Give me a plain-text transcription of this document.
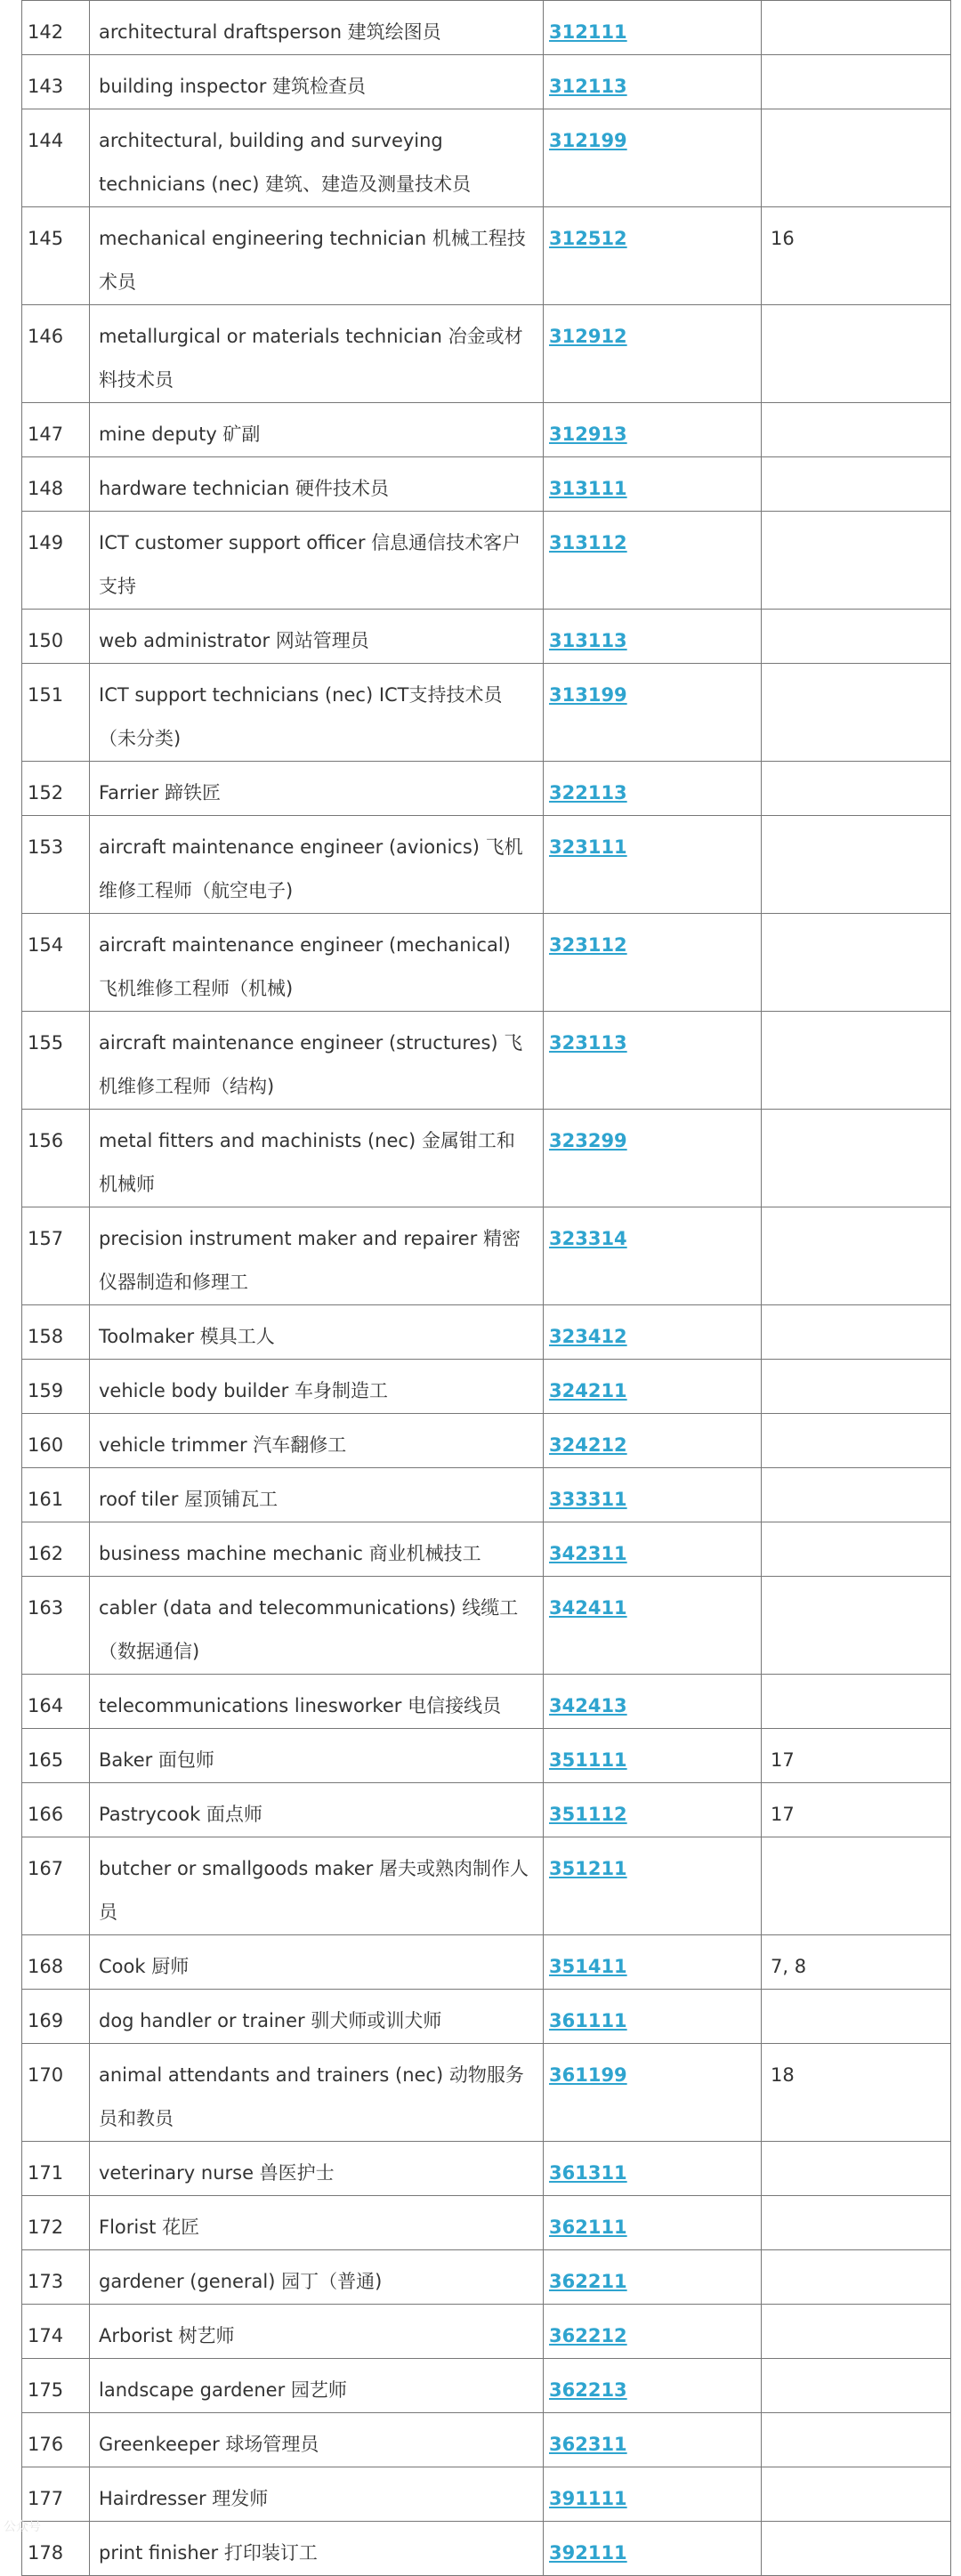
142	architectural draftsperson 建筑绘图员	312111	
143	building inspector 建筑检查员	312113	
144	architectural, building and surveying technicians (nec) 建筑、建造及测量技术员	312199	
145	mechanical engineering technician 机械工程技术员	312512	16
146	metallurgical or materials technician 冶金或材料技术员	312912	
147	mine deputy 矿副	312913	
148	hardware technician 硬件技术员	313111	
149	ICT customer support officer 信息通信技术客户支持	313112	
150	web administrator 网站管理员	313113	
151	ICT support technicians (nec) ICT支持技术员（未分类)	313199	
152	Farrier 蹄铁匠	322113	
153	aircraft maintenance engineer (avionics) 飞机维修工程师（航空电子)	323111	
154	aircraft maintenance engineer (mechanical) 飞机维修工程师（机械)	323112	
155	aircraft maintenance engineer (structures) 飞机维修工程师（结构)	323113	
156	metal fitters and machinists (nec) 金属钳工和机械师	323299	
157	precision instrument maker and repairer 精密仪器制造和修理工	323314	
158	Toolmaker 模具工人	323412	
159	vehicle body builder 车身制造工	324211	
160	vehicle trimmer 汽车翻修工	324212	
161	roof tiler 屋顶铺瓦工	333311	
162	business machine mechanic 商业机械技工	342311	
163	cabler (data and telecommunications) 线缆工（数据通信)	342411	
164	telecommunications linesworker 电信接线员	342413	
165	Baker 面包师	351111	17
166	Pastrycook 面点师	351112	17
167	butcher or smallgoods maker 屠夫或熟肉制作人员	351211	
168	Cook 厨师	351411	7, 8
169	dog handler or trainer 驯犬师或训犬师	361111	
170	animal attendants and trainers (nec) 动物服务员和教员	361199	18
171	veterinary nurse 兽医护士	361311	
172	Florist 花匠	362111	
173	gardener (general) 园丁（普通)	362211	
174	Arborist 树艺师	362212	
175	landscape gardener 园艺师	362213	
176	Greenkeeper 球场管理员	362311	
177	Hairdresser 理发师	391111	
178	print finisher 打印装订工	392111	
公众号
